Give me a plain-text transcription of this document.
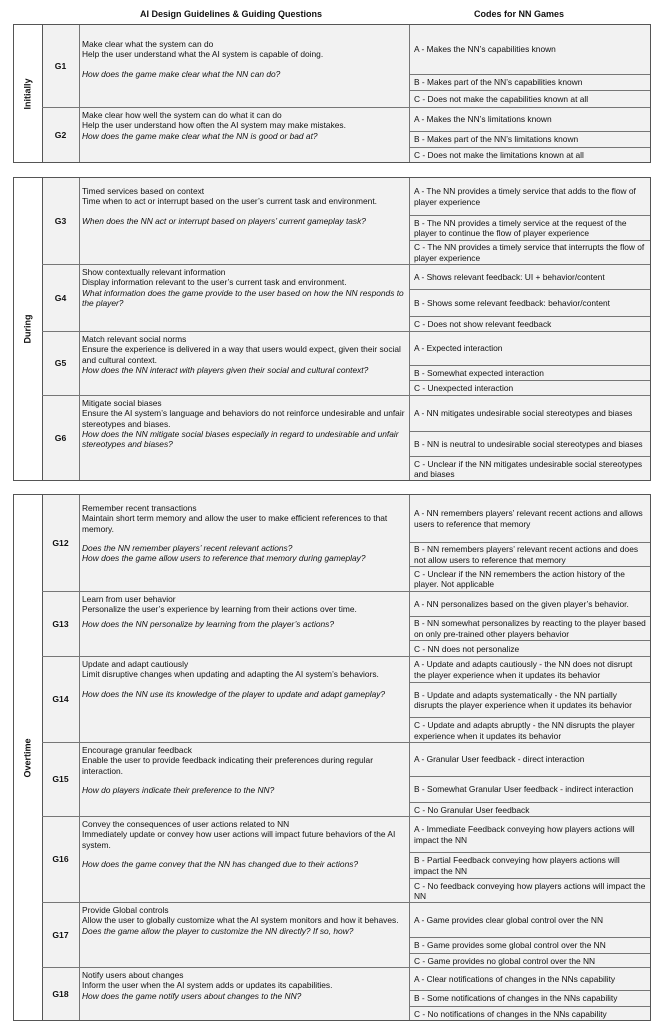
AI Design Guidelines & Guiding Questions	Codes for NN Games
Initially
G1
Make clear what the system can do
Help the user understand what the AI system is capable of doing.
How does the game make clear what the NN can do?
A - Makes the NN’s capabilities known
B - Makes part of the NN’s capabilities known
C - Does not make the capabilities known at all
G2
Make clear how well the system can do what it can do
Help the user understand how often the AI system may make mistakes.
How does the game make clear what the NN is good or bad at?
A - Makes the NN’s limitations known
B - Makes part of the NN’s limitations known
C - Does not make the limitations known at all
During
G3
Timed services based on context
Time when to act or interrupt based on the user’s current task and environment.
When does the NN act or interrupt based on players’ current gameplay task?
A - The NN provides a timely service that adds to the flow of player experience
B - The NN provides a timely service at the request of the player to continue the flow of player experience
C - The NN provides a timely service that interrupts the flow of player experience
G4
Show contextually relevant information
Display information relevant to the user’s current task and environment.
What information does the game provide to the user based on how the NN responds to the player?
A - Shows relevant feedback: UI + behavior/content
B - Shows some relevant feedback: behavior/content
C - Does not show relevant feedback
G5
Match relevant social norms
Ensure the experience is delivered in a way that users would expect, given their social and cultural context.
How does the NN interact with players given their social and cultural context?
A - Expected interaction
B - Somewhat expected interaction
C - Unexpected interaction
G6
Mitigate social biases
Ensure the AI system’s language and behaviors do not reinforce undesirable and unfair stereotypes and biases.
How does the NN mitigate social biases especially in regard to undesirable and unfair stereotypes and biases?
A - NN mitigates undesirable social stereotypes and biases
B - NN is neutral to undesirable social stereotypes and biases
C - Unclear if the NN mitigates undesirable social stereotypes and biases
Overtime
G12
Remember recent transactions
Maintain short term memory and allow the user to make efficient references to that memory.
Does the NN remember players’ recent relevant actions?
How does the game allow users to reference that memory during gameplay?
A - NN remembers players’ relevant recent actions and allows users to reference that memory
B - NN remembers players’ relevant recent actions and does not allow users to reference that memory
C - Unclear if the NN remembers the action history of the player. Not applicable
G13
Learn from user behavior
Personalize the user’s experience by learning from their actions over time.
How does the NN personalize by learning from the player’s actions?
A - NN personalizes based on the given player’s behavior.
B - NN somewhat personalizes by reacting to the player based on only pre-trained other players behavior
C - NN does not personalize
G14
Update and adapt cautiously
Limit disruptive changes when updating and adapting the AI system’s behaviors.
How does the NN use its knowledge of the player to update and adapt gameplay?
A - Update and adapts cautiously - the NN does not disrupt the player experience when it updates its behavior
B - Update and adapts systematically - the NN partially disrupts the player experience when it updates its behavior
C - Update and adapts abruptly - the NN disrupts the player experience when it updates its behavior
G15
Encourage granular feedback
Enable the user to provide feedback indicating their preferences during regular interaction.
How do players indicate their preference to the NN?
A - Granular User feedback - direct interaction
B - Somewhat Granular User feedback - indirect interaction
C - No Granular User feedback
G16
Convey the consequences of user actions related to NN
Immediately update or convey how user actions will impact future behaviors of the AI system.
How does the game convey that the NN has changed due to their actions?
A - Immediate Feedback conveying how players actions will impact the NN
B - Partial Feedback conveying how players actions will impact the NN
C - No feedback conveying how players actions will impact the NN
G17
Provide Global controls
Allow the user to globally customize what the AI system monitors and how it behaves.
Does the game allow the player to customize the NN directly? If so, how?
A - Game provides clear global control over the NN
B - Game provides some global control over the NN
C - Game provides no global control over the NN
G18
Notify users about changes
Inform the user when the AI system adds or updates its capabilities.
How does the game notify users about changes to the NN?
A - Clear notifications of changes in the NNs capability
B - Some notifications of changes in the NNs capability
C - No notifications of changes in the NNs capability
